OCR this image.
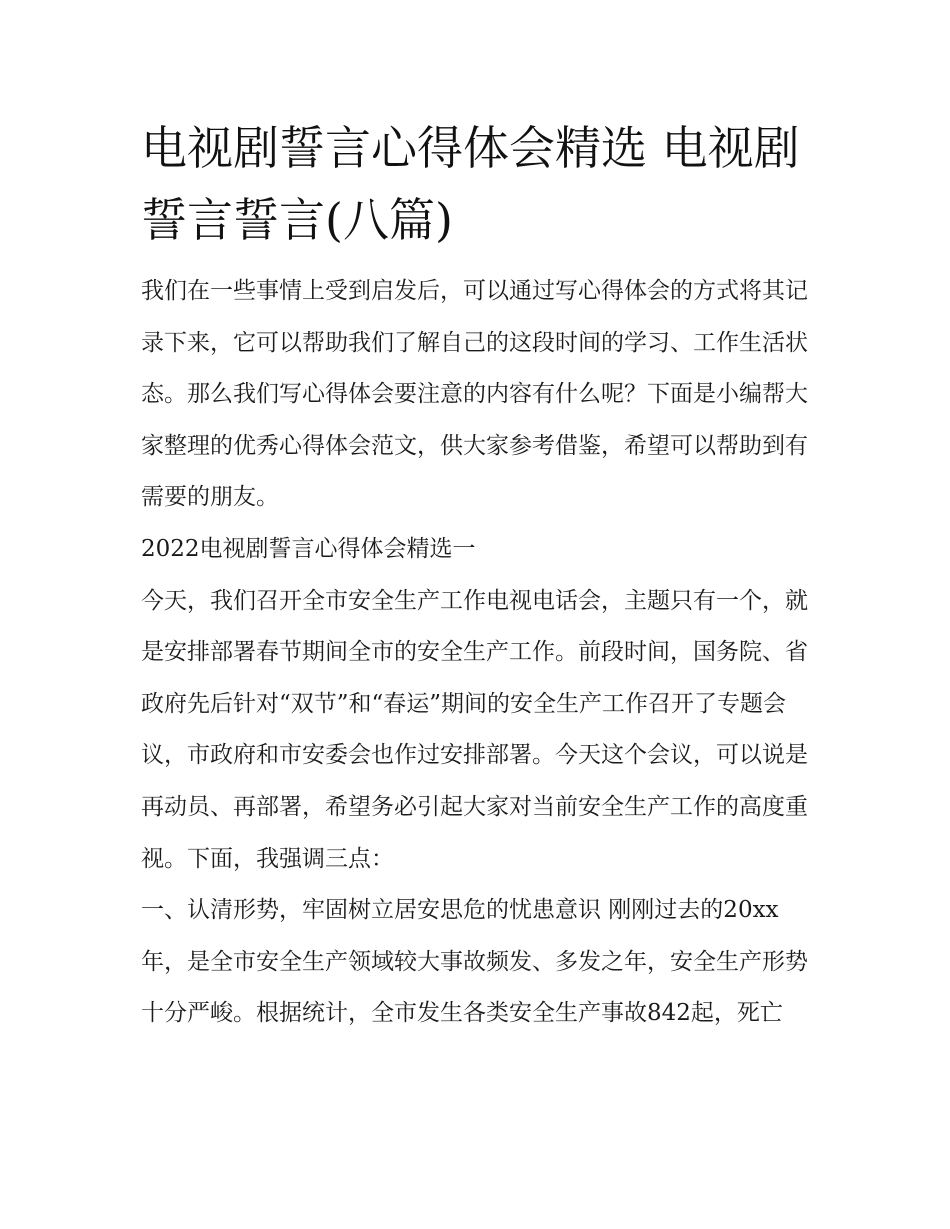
电视剧誓言心得体会精选 电视剧誓言誓言(八篇)

我们在一些事情上受到启发后，可以通过写心得体会的方式将其记录下来，它可以帮助我们了解自己的这段时间的学习、工作生活状态。那么我们写心得体会要注意的内容有什么呢？下面是小编帮大家整理的优秀心得体会范文，供大家参考借鉴，希望可以帮助到有需要的朋友。

2022电视剧誓言心得体会精选一

今天，我们召开全市安全生产工作电视电话会，主题只有一个，就是安排部署春节期间全市的安全生产工作。前段时间，国务院、省政府先后针对“双节”和“春运”期间的安全生产工作召开了专题会议，市政府和市安委会也作过安排部署。今天这个会议，可以说是再动员、再部署，希望务必引起大家对当前安全生产工作的高度重视。下面，我强调三点：

一、认清形势，牢固树立居安思危的忧患意识 刚刚过去的20xx年，是全市安全生产领域较大事故频发、多发之年，安全生产形势十分严峻。根据统计，全市发生各类安全生产事故842起，死亡
